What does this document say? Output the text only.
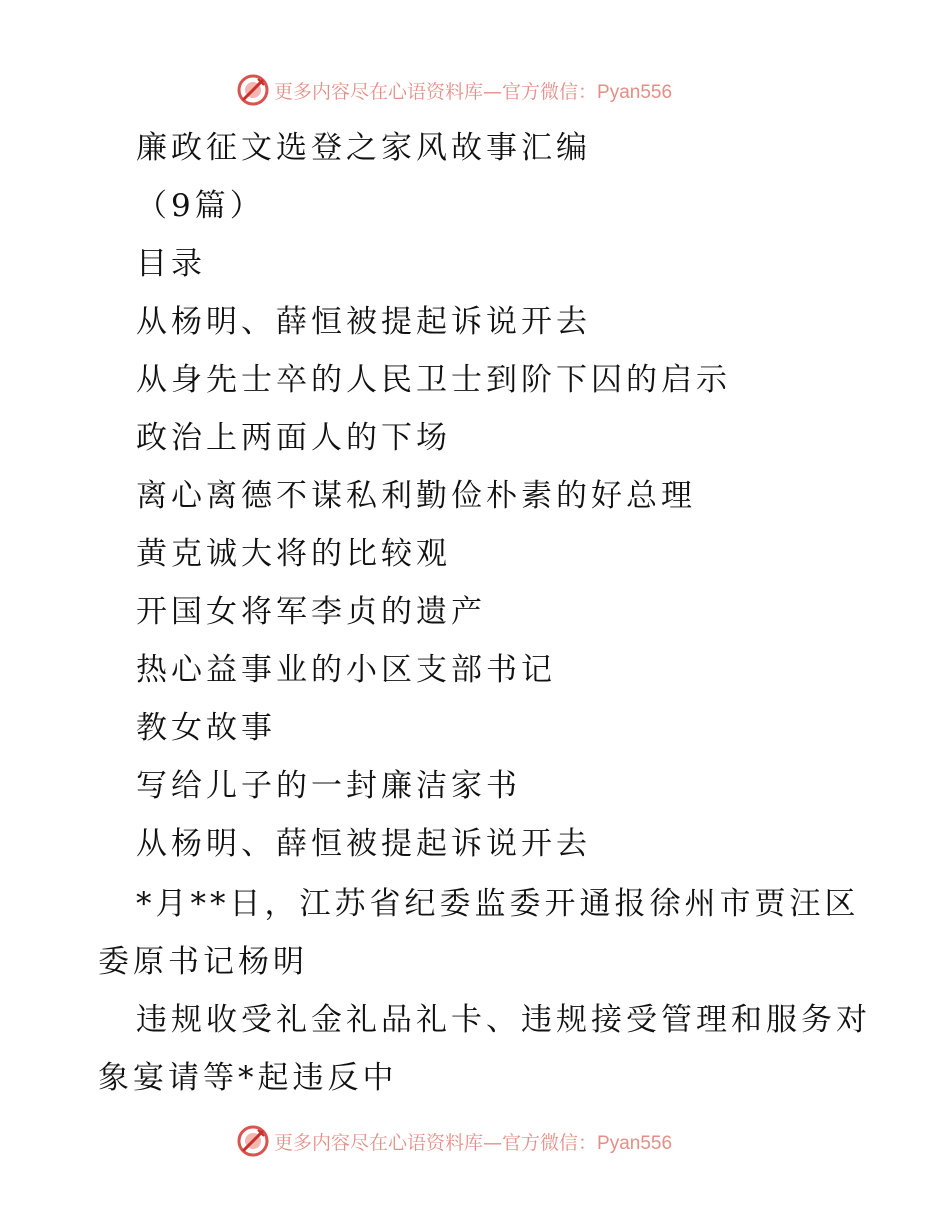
更多内容尽在心语资料库—官方微信：Pyan556
廉政征文选登之家风故事汇编
（9篇）
目录
从杨明、薛恒被提起诉说开去
从身先士卒的人民卫士到阶下囚的启示
政治上两面人的下场
离心离德不谋私利勤俭朴素的好总理
黄克诚大将的比较观
开国女将军李贞的遗产
热心益事业的小区支部书记
教女故事
写给儿子的一封廉洁家书
从杨明、薛恒被提起诉说开去
*月**日，江苏省纪委监委开通报徐州市贾汪区
委原书记杨明
违规收受礼金礼品礼卡、违规接受管理和服务对
象宴请等*起违反中
更多内容尽在心语资料库—官方微信：Pyan556
